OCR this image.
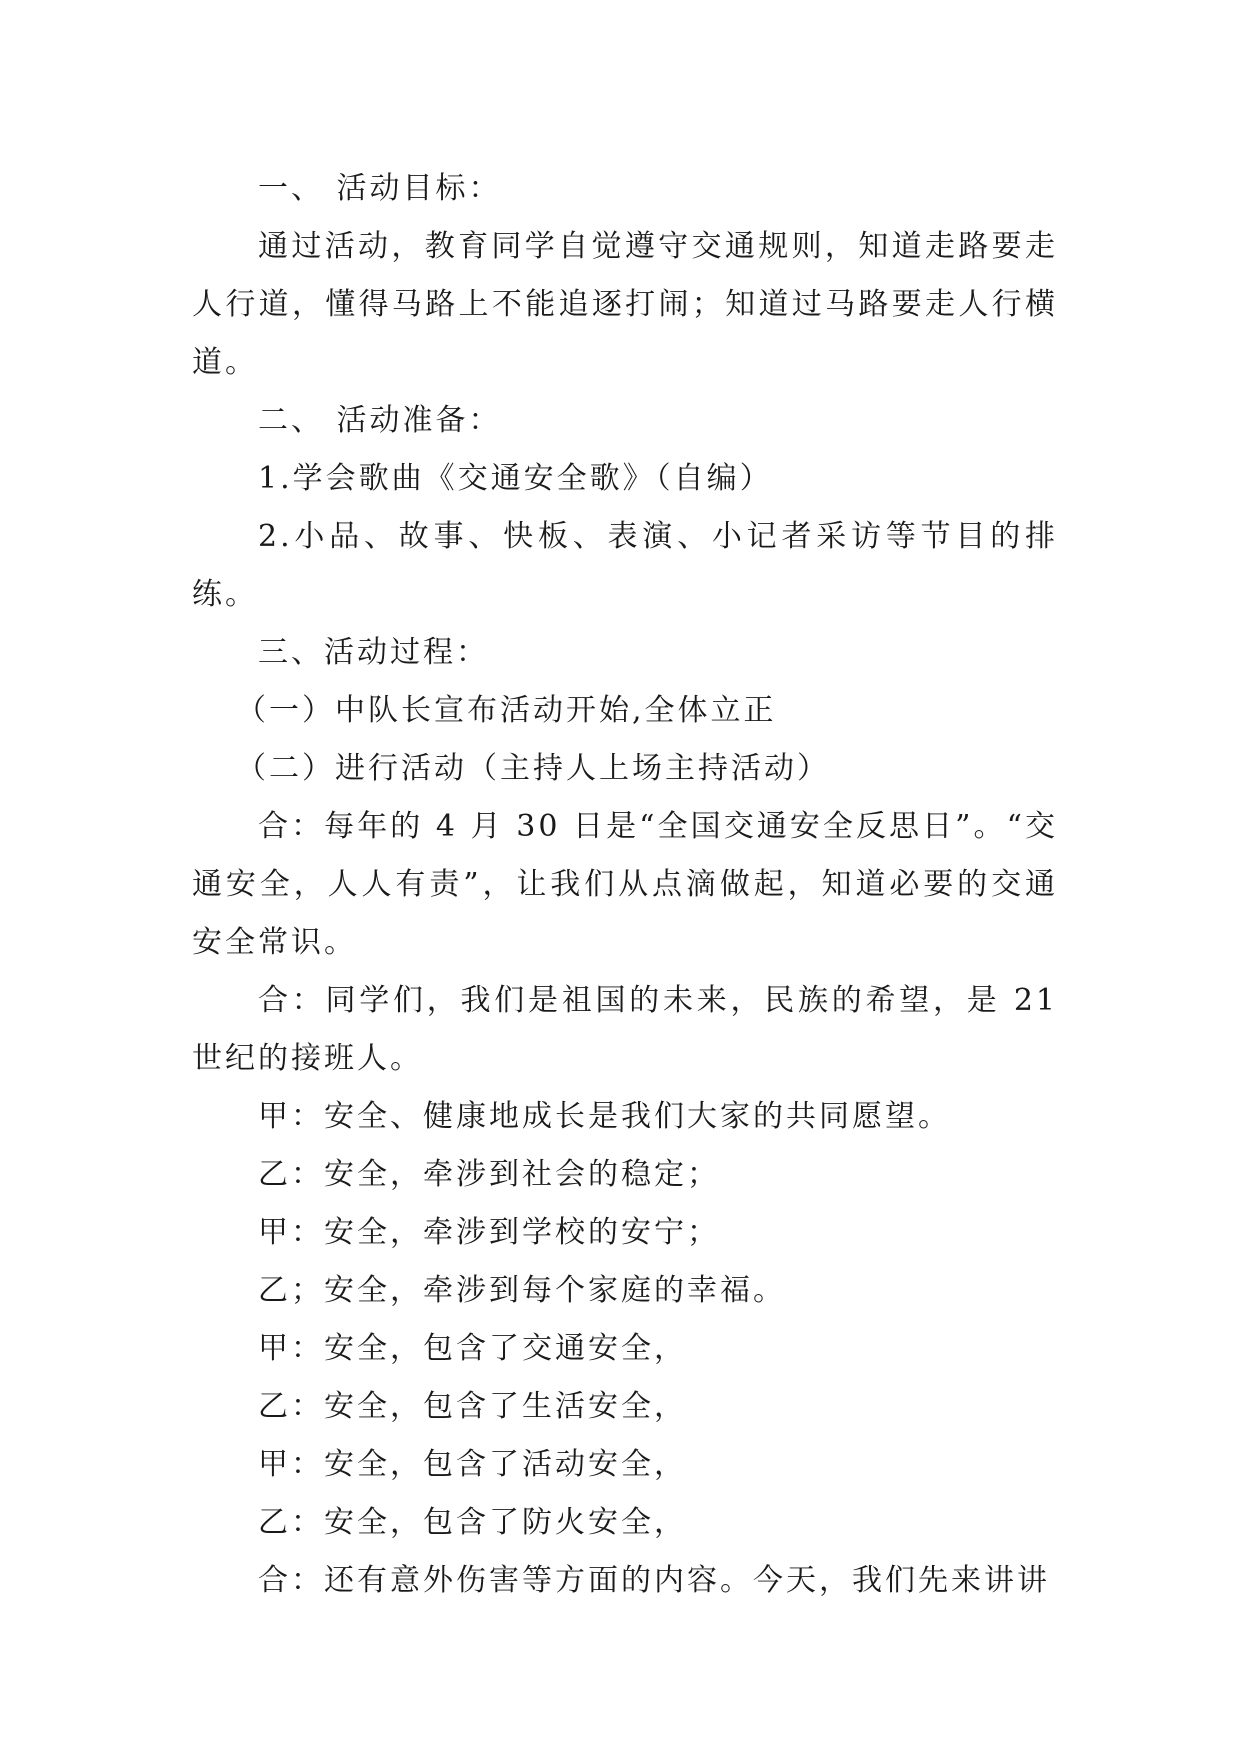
一、 活动目标：

通过活动，教育同学自觉遵守交通规则，知道走路要走人行道，懂得马路上不能追逐打闹；知道过马路要走人行横道。

二、 活动准备：

1.学会歌曲《交通安全歌》（自编）

2.小品、故事、快板、表演、小记者采访等节目的排练。

三、活动过程：

（一）中队长宣布活动开始,全体立正

（二）进行活动（主持人上场主持活动）

合：每年的 4 月 30 日是“全国交通安全反思日”。“交通安全，人人有责”，让我们从点滴做起，知道必要的交通安全常识。

合：同学们，我们是祖国的未来，民族的希望，是 21 世纪的接班人。

甲：安全、健康地成长是我们大家的共同愿望。

乙：安全，牵涉到社会的稳定；

甲：安全，牵涉到学校的安宁；

乙；安全，牵涉到每个家庭的幸福。

甲：安全，包含了交通安全，

乙：安全，包含了生活安全，

甲：安全，包含了活动安全，

乙：安全，包含了防火安全，

合：还有意外伤害等方面的内容。今天，我们先来讲讲
